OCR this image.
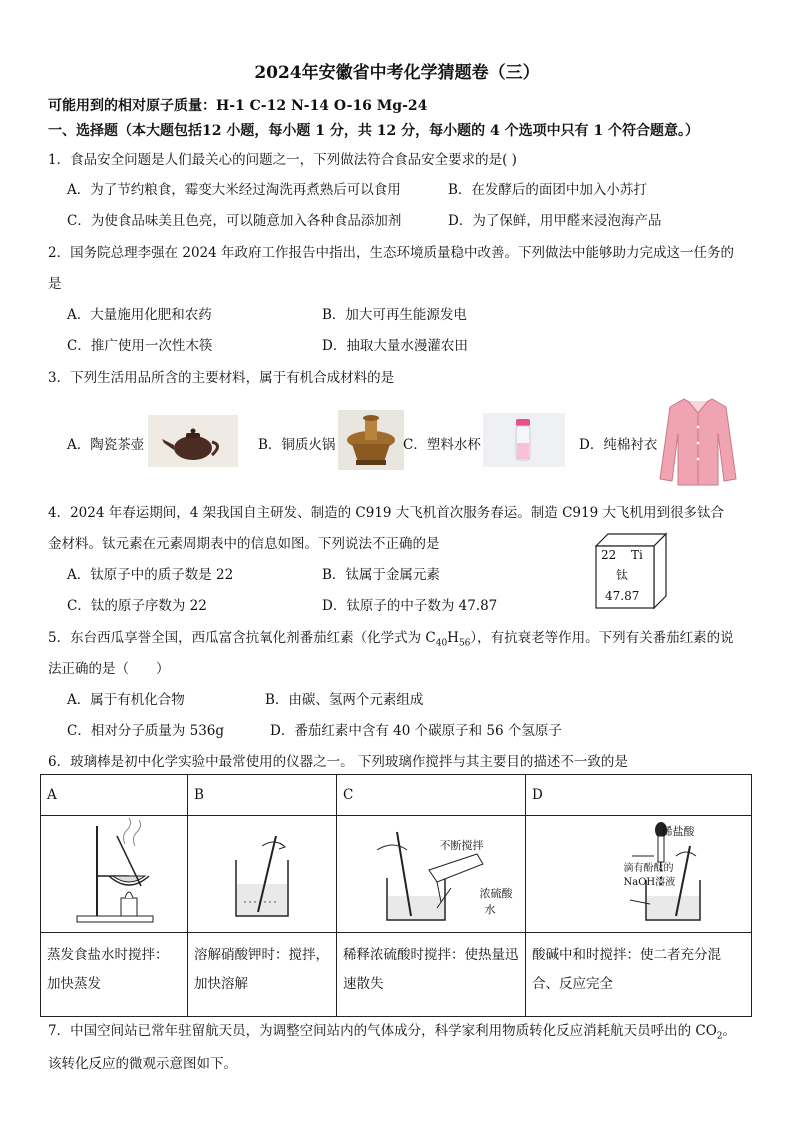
2024年安徽省中考化学猜题卷（三）
可能用到的相对原子质量：H-1 C-12 N-14 O-16 Mg-24
一、选择题（本大题包括12 小题，每小题 1 分，共 12 分，每小题的 4 个选项中只有 1 个符合题意。）
1．食品安全问题是人们最关心的问题之一，下列做法符合食品安全要求的是( )
A．为了节约粮食，霉变大米经过淘洗再煮熟后可以食用	B．在发酵后的面团中加入小苏打
C．为使食品味美且色亮，可以随意加入各种食品添加剂	D．为了保鲜，用甲醛来浸泡海产品
2．国务院总理李强在 2024 年政府工作报告中指出，生态环境质量稳中改善。下列做法中能够助力完成这一任务的
是
A．大量施用化肥和农药	B．加大可再生能源发电
C．推广使用一次性木筷	D．抽取大量水漫灌农田
3．下列生活用品所含的主要材料，属于有机合成材料的是
A．陶瓷茶壶	B．铜质火锅	C．塑料水杯	D．纯棉衬衣
4．2024 年春运期间，4 架我国自主研发、制造的 C919 大飞机首次服务春运。制造 C919 大飞机用到很多钛合
金材料。钛元素在元素周期表中的信息如图。下列说法不正确的是
A．钛原子中的质子数是 22	B．钛属于金属元素
C．钛的原子序数为 22	D．钛原子的中子数为 47.87
22 Ti
钛
47.87
5．东台西瓜享誉全国，西瓜富含抗氧化剂番茄红素（化学式为 $C_{40}H_{56}$），有抗衰老等作用。下列有关番茄红素的说
法正确的是（　　）
A．属于有机化合物	B．由碳、氢两个元素组成
C．相对分子质量为 536g	D．番茄红素中含有 40 个碳原子和 56 个氢原子
6．玻璃棒是初中化学实验中最常使用的仪器之一。 下列玻璃作搅拌与其主要目的描述不一致的是
A	B	C	D

不断搅拌
浓硫酸
水	稀盐酸
滴有酚酞的
NaOH溶液

蒸发食盐水时搅拌：加快蒸发	溶解硝酸钾时：搅拌，加快溶解	稀释浓硫酸时搅拌：使热量迅速散失	酸碱中和时搅拌：使二者充分混合、反应完全
7．中国空间站已常年驻留航天员，为调整空间站内的气体成分，科学家利用物质转化反应消耗航天员呼出的 $CO_2$。
该转化反应的微观示意图如下。
